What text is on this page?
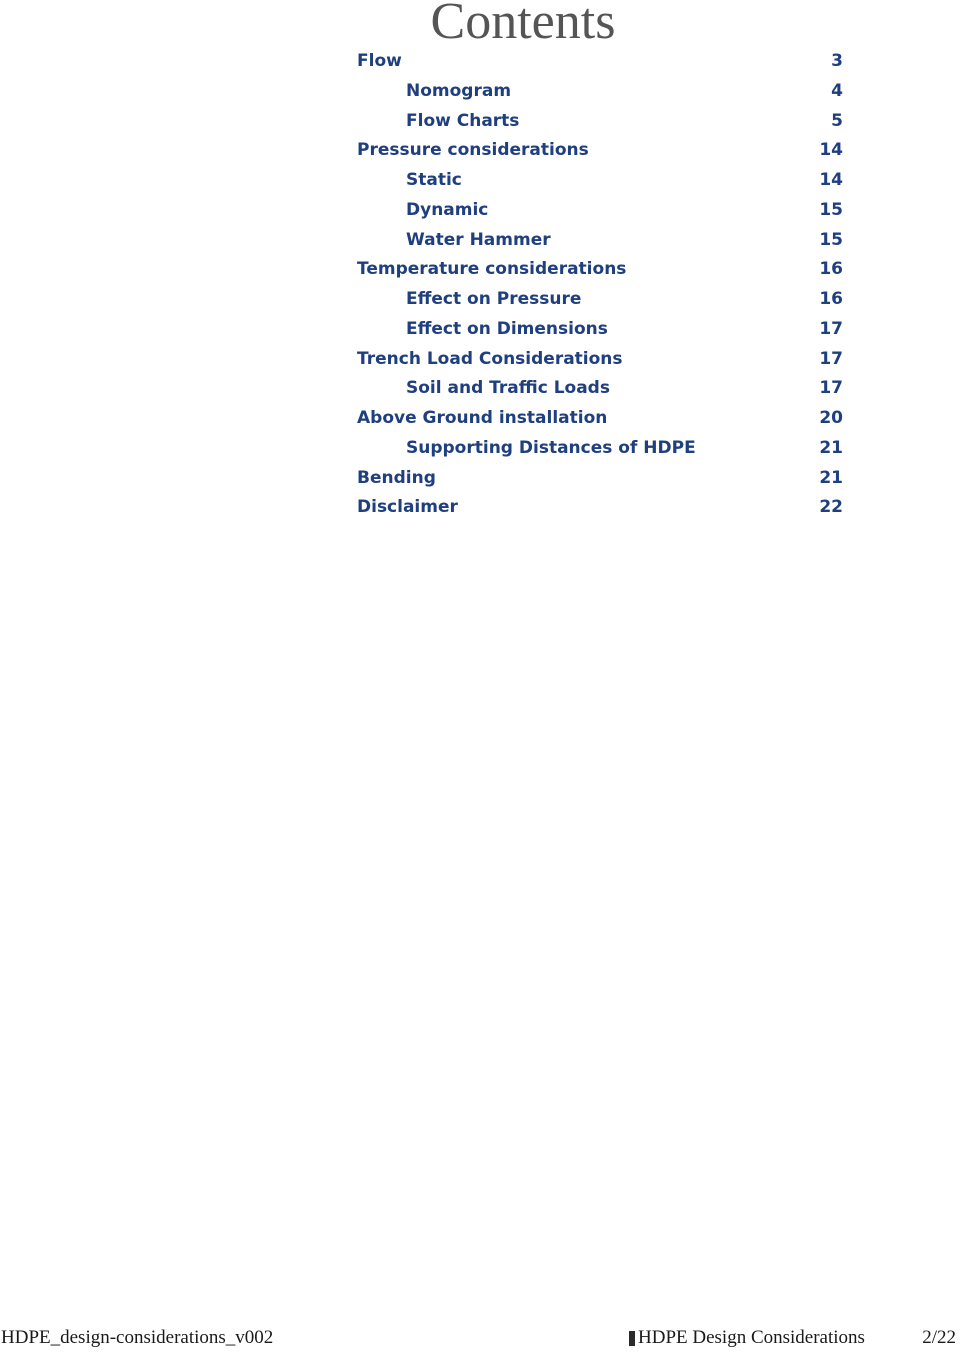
Contents
Flow	3
Nomogram	4
Flow Charts	5
Pressure considerations	14
Static	14
Dynamic	15
Water Hammer	15
Temperature considerations	16
Effect on Pressure	16
Effect on Dimensions	17
Trench Load Considerations	17
Soil and Traffic Loads	17
Above Ground installation	20
Supporting Distances of HDPE	21
Bending	21
Disclaimer	22
HDPE_design-considerations_v002	HDPE Design Considerations	2/22
